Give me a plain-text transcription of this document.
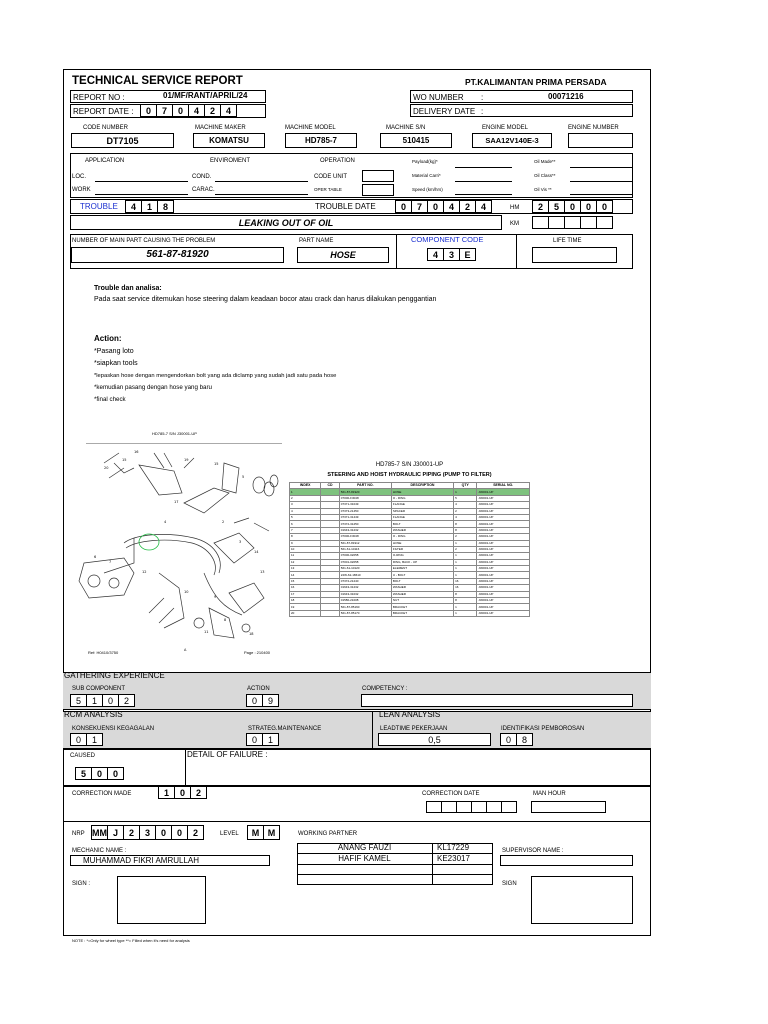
TECHNICAL SERVICE REPORT	PT.KALIMANTAN PRIMA PERSADA
REPORT NO :	01/MF/RANT/APRIL/24
REPORT DATE :	0	7	0	4	2	4
WO NUMBER :	00071216
DELIVERY DATE :
CODE NUMBER	MACHINE MAKER	MACHINE MODEL	MACHINE S/N	ENGINE MODEL	ENGINE NUMBER
DT7105	KOMATSU	HD785-7	510415	SAA12V140E-3
APPLICATION	ENVIROMENT	OPERATION
LOC.
WORK
COND.
CARAC.
CODE UNIT
OPER TABLE
Payload(kg)*
Material Carri*
Speed (km/hrs)
Oil Made**
Oil Class**
Oil Vis **
TROUBLE	4	1	8	TROUBLE DATE	0	7	0	4	2	4	HM	2	5	0	0	0
LEAKING OUT OF OIL	KM
NUMBER OF MAIN PART CAUSING THE PROBLEM	PART NAME	COMPONENT CODE	LIFE TIME
561-87-81920	HOSE	4	3	E
Trouble dan analisa:
Pada saat service ditemukan hose steering dalam keadaan bocor atau crack dan harus dilakukan penggantian
Action:
*Pasang loto
*siapkan tools
*lepaskan hose dengan mengendorkan bolt yang ada diclamp yang sudah jadi satu pada hose
*kemudian pasang dengan hose yang baru
*final check
HD785-7 S/N J30001-UP
20
15
16
19
15
5
17
4	2
3
14
13
6
7
12
10
9
8
11	18
A
Ref: H0410/3750	Page : 210400
HD785-7 S/N J30001-UP
STEERING AND HOIST HYDRAULIC PIPING (PUMP TO FILTER)
INDEX	CD	PART NO.	DESCRIPTION	QTY	SERIAL NO.
1		561-87-81920	HOSE	1	J30001-UP
2		07000-F3048	O - RING	5	J30001-UP
3		07371-31049	FLANGE	4	J30001-UP
4		07373-21450	SPACER	2	J30001-UP
5		07371-31449	FLANGE	4	J30001-UP
6		07372-31250	BOLT	8	J30001-UP
7		01643-31232	WASHER	8	J30001-UP
8		07000-F3048	O - RING	2	J30001-UP
9		561-87-81912	HOSE	1	J30001-UP
10		561-61-10116	FILTER	2	J30001-UP
11		07000-02058	O-RING	1	J30001-UP
12		07001-02058	RING, BACK - UP	1	J30001-UP
13		561-61-10120	ELEMENT	1	J30001-UP
14		22W-62-18610	U - BOLT	1	J30001-UP
15		07372-21240	BOLT	16	J30001-UP
16		01643-31232	WASHER	16	J30001-UP
17		01643-31032	WASHER	8	J30001-UP
18		01580-21008	NUT	8	J30001-UP
19		561-87-85160	BRACKET	1	J30001-UP
20		561-87-85170	BRACKET	1	J30001-UP
GATHERING EXPERIENCE
SUB COMPONENT
5	1	0	2
ACTION
0	9
COMPETENCY :
RCM ANALYSIS	LEAN ANALYSIS
KONSEKUENSI KEGAGALAN
0	1
STRATEG.MAINTENANCE
0	1
LEADTIME PEKERJAAN
0,5
IDENTIFIKASI PEMBOROSAN
0	8
CAUSED
5	0	0
DETAIL OF FAILURE :
CORRECTION MADE	1	0	2	CORRECTION DATE	MAN HOUR
NRP MM J	2	3	0	0	2	LEVEL	M M	WORKING PARTNER
ANANG FAUZI	KL17229
HAFIF KAMEL	KE23017
MECHANIC NAME :
MUHAMMAD FIKRI AMRULLAH
SUPERVISOR NAME :
SIGN :	SIGN
NOTE : *=Only for wheel type **= Filled when it's need for analysis
